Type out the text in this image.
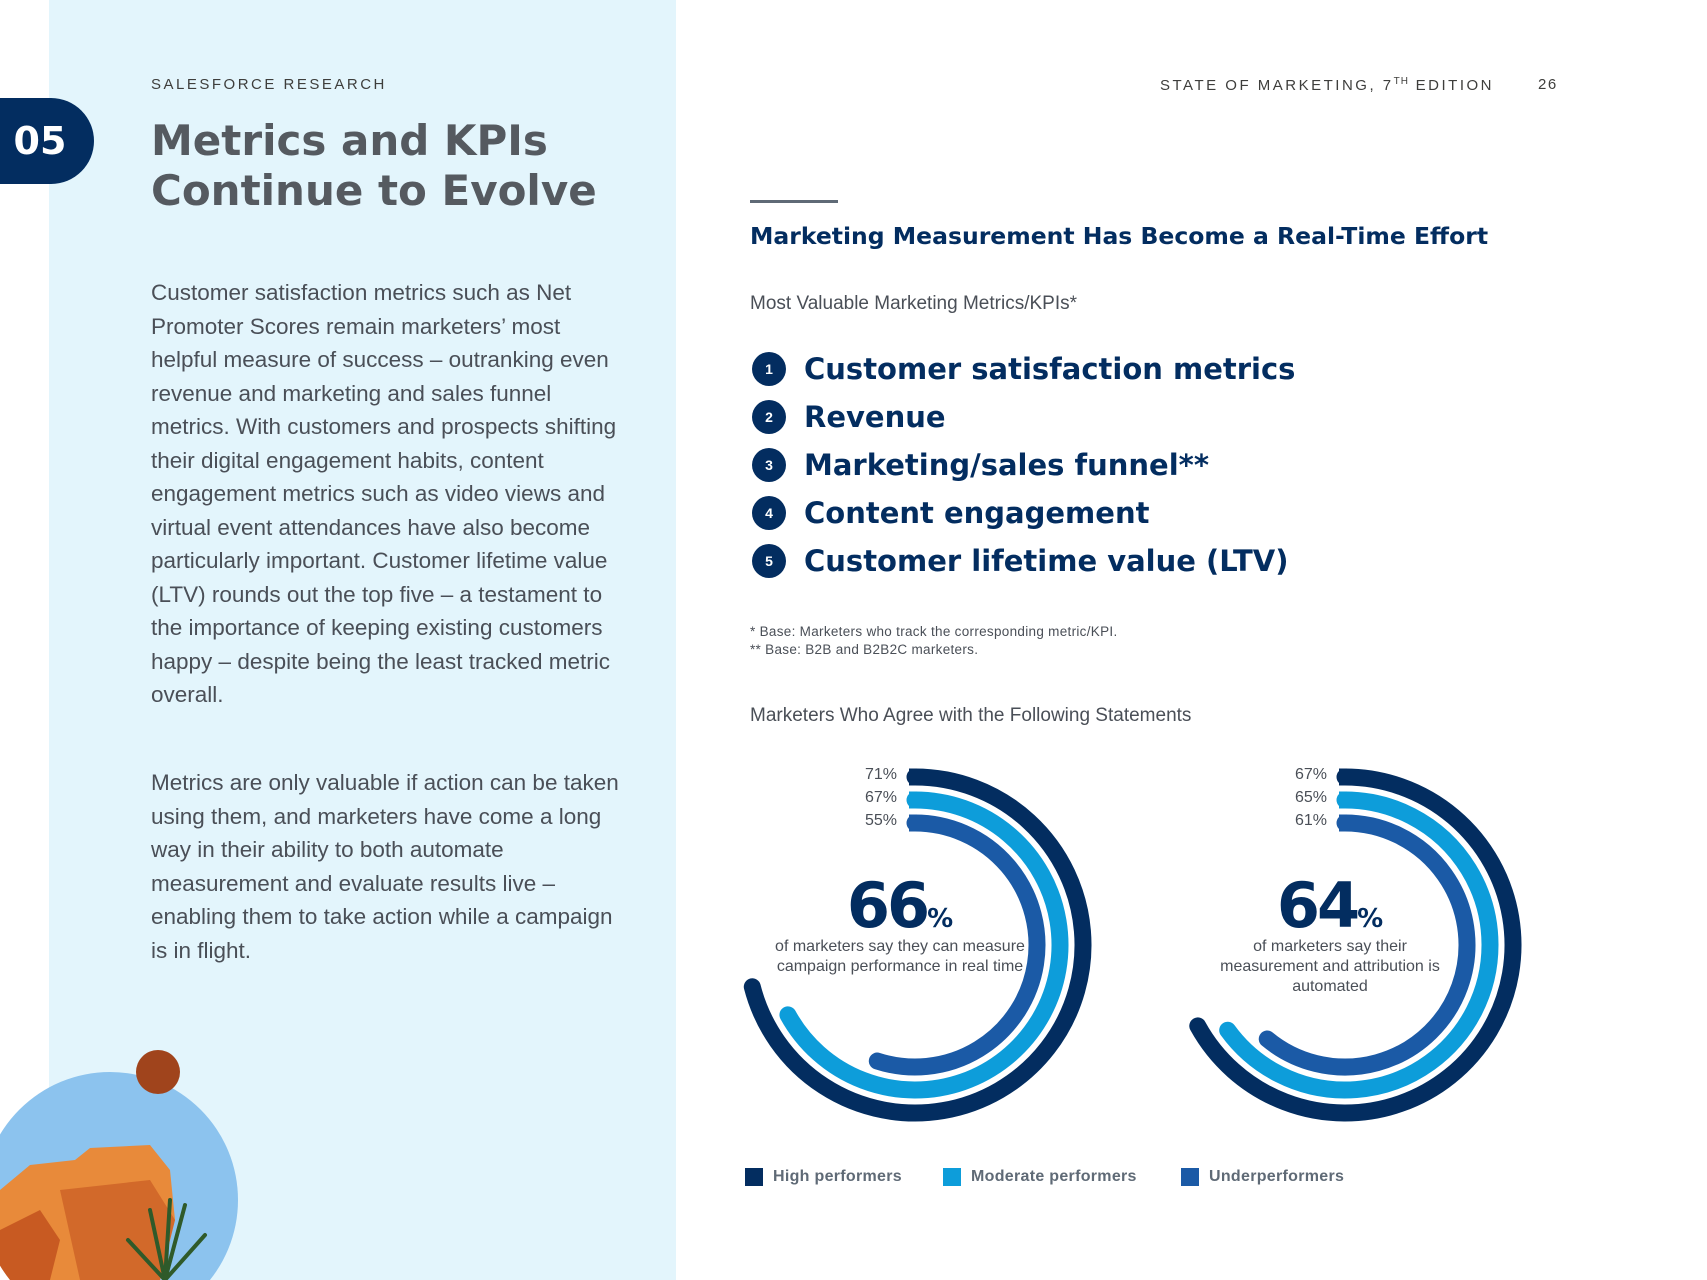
05
SALESFORCE RESEARCH	STATE OF MARKETING, 7TH EDITION	26
Metrics and KPIs
Continue to Evolve

Customer satisfaction metrics such as Net Promoter Scores remain marketers’ most helpful measure of success – outranking even revenue and marketing and sales funnel metrics. With customers and prospects shifting their digital engagement habits, content engagement metrics such as video views and virtual event attendances have also become particularly important. Customer lifetime value (LTV) rounds out the top five – a testament to the importance of keeping existing customers happy – despite being the least tracked metric overall.

Metrics are only valuable if action can be taken using them, and marketers have come a long way in their ability to both automate measurement and evaluate results live – enabling them to take action while a campaign is in flight.

Marketing Measurement Has Become a Real-Time Effort
Most Valuable Marketing Metrics/KPIs*
1	Customer satisfaction metrics
2	Revenue
3	Marketing/sales funnel**
4	Content engagement
5	Customer lifetime value (LTV)
* Base: Marketers who track the corresponding metric/KPI.
** Base: B2B and B2B2C marketers.
Marketers Who Agree with the Following Statements
71%
67%
55%
66%

of marketers say they can measure campaign performance in real time

67%
65%
61%
64%

of marketers say their measurement and attribution is automated

High performers	Moderate performers	Underperformers
